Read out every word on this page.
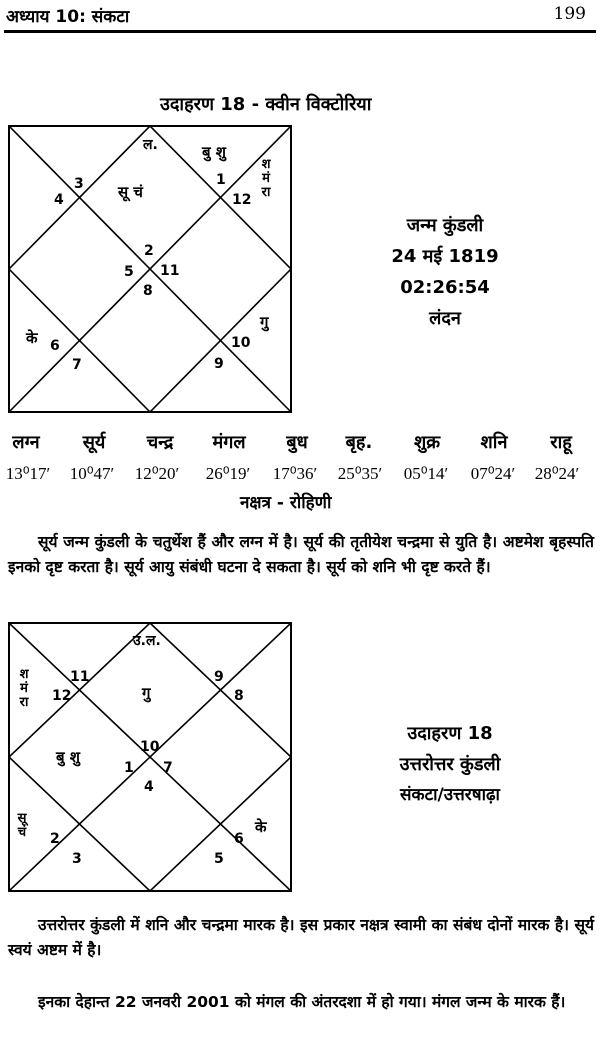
अध्याय 10: संकटा	199
उदाहरण 18 - क्वीन विक्टोरिया
ल.	बु शु
श
मं
रा
1
12
3
4	सू चं
2
5 11
8
गु
के 6	10
7	9
जन्म कुंडली
24 मई 1819
02:26:54
लंदन
लग्न सूर्य चन्द्र मंगल बुध बृह. शुक्र शनि राहू
13⁰17ʹ 10⁰47ʹ 12⁰20ʹ 26⁰19ʹ 17⁰36ʹ 25⁰35ʹ 05⁰14ʹ 07⁰24ʹ 28⁰24ʹ
नक्षत्र - रोहिणी

सूर्य जन्म कुंडली के चतुर्थेश हैं और लग्न में है। सूर्य की तृतीयेश चन्द्रमा से युति है। अष्टमेश बृहस्पति इनको दृष्ट करता है। सूर्य आयु संबंधी घटना दे सकता है। सूर्य को शनि भी दृष्ट करते हैं।

उ.ल.
श
मं
रा
11
12	गु
9
8
10
बु शु
1 7
4
सू
चं 2
के
6
3	5
उदाहरण 18
उत्तरोत्तर कुंडली
संकटा/उत्तरषाढ़ा

उत्तरोत्तर कुंडली में शनि और चन्द्रमा मारक है। इस प्रकार नक्षत्र स्वामी का संबंध दोनों मारक है। सूर्य स्वयं अष्टम में है।

इनका देहान्त 22 जनवरी 2001 को मंगल की अंतरदशा में हो गया। मंगल जन्म के मारक हैं।
